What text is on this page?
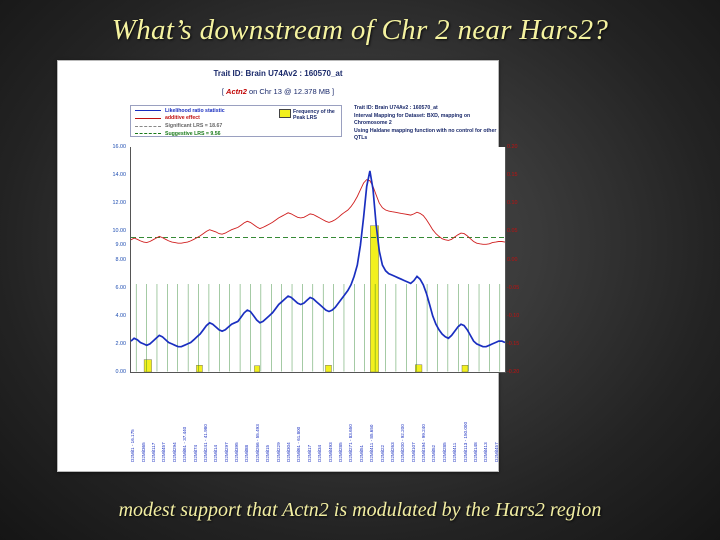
What’s downstream of Chr 2 near Hars2?
Trait ID: Brain U74Av2 : 160570_at
[ Actn2 on Chr 13 @ 12.378 MB ]
Likelihood ratio statistic
additive effect
Significant LRS = 18.67
Suggestive LRS = 9.56
Frequency of the Peak LRS
Trait ID: Brain U74Av2 : 160570_at
Interval Mapping for Dataset: BXD, mapping on Chromosome 2
Using Haldane mapping function with no control for other QTLs
0.00
2.00
4.00
6.00
8.00
9.00
10.00
12.00
14.00
16.00
-0.20
-0.15
-0.10
-0.05
0.00
0.05
0.10
0.15
0.20
D2Mit1 - 16.175 D2Mit365 D2Mit117 D2Mit457 D2Mit294 D2Mit61 - 37.440 D2Mit74 D2Mit241 - 41.980 D2Mit14 D2Mit297 D2Mit395 D2Mit88 D2Mit266 - 55.493 D2Mit15 D2Mit229 D2Mit304 D2Mit61 - 61.800 D2Mit17 D2Mit34 D2Mit493 D2Mit285 D2Mit271 - 83.650 D2Mit51 D2Mit411 - 85.650 D2Mit22 D2Mit263 D2Mit200 - 92.200 D2Mit107 D2Mit194 - 99.240 D2Mit52 D2Mit285 D2Mit411 D2Mit113 - 150.000 D2Mit148 D2Mit413 D2Mit457
modest support that Actn2 is modulated by the Hars2 region
